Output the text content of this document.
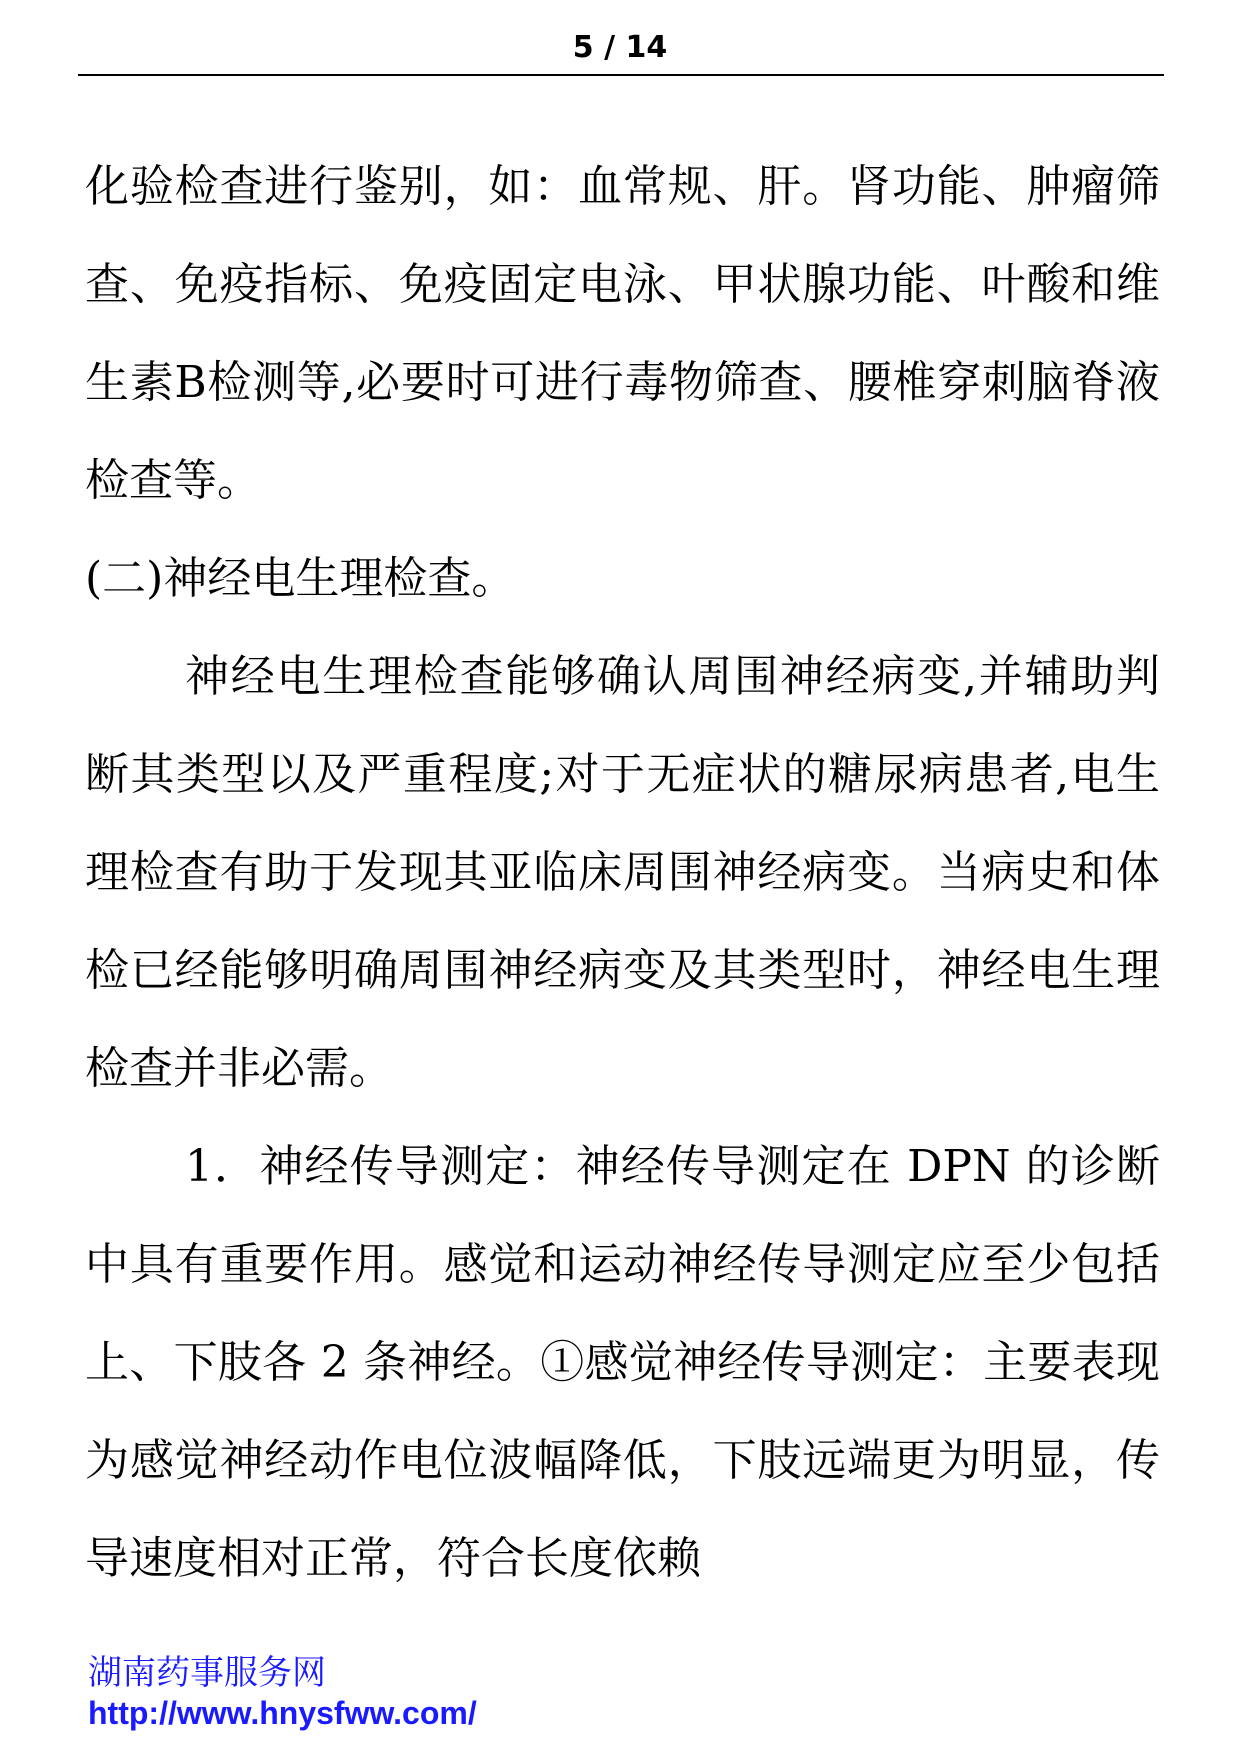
5 / 14

化验检查进行鉴别，如：血常规、肝。肾功能、肿瘤筛查、免疫指标、免疫固定电泳、甲状腺功能、叶酸和维生素B检测等,必要时可进行毒物筛查、腰椎穿刺脑脊液检查等。

(二)神经电生理检查。

神经电生理检查能够确认周围神经病变,并辅助判断其类型以及严重程度;对于无症状的糖尿病患者,电生理检查有助于发现其亚临床周围神经病变。当病史和体检已经能够明确周围神经病变及其类型时，神经电生理检查并非必需。

1．神经传导测定：神经传导测定在 DPN 的诊断中具有重要作用。感觉和运动神经传导测定应至少包括上、下肢各 2 条神经。①感觉神经传导测定：主要表现为感觉神经动作电位波幅降低，下肢远端更为明显，传导速度相对正常，符合长度依赖

湖南药事服务网
http://www.hnysfww.com/
